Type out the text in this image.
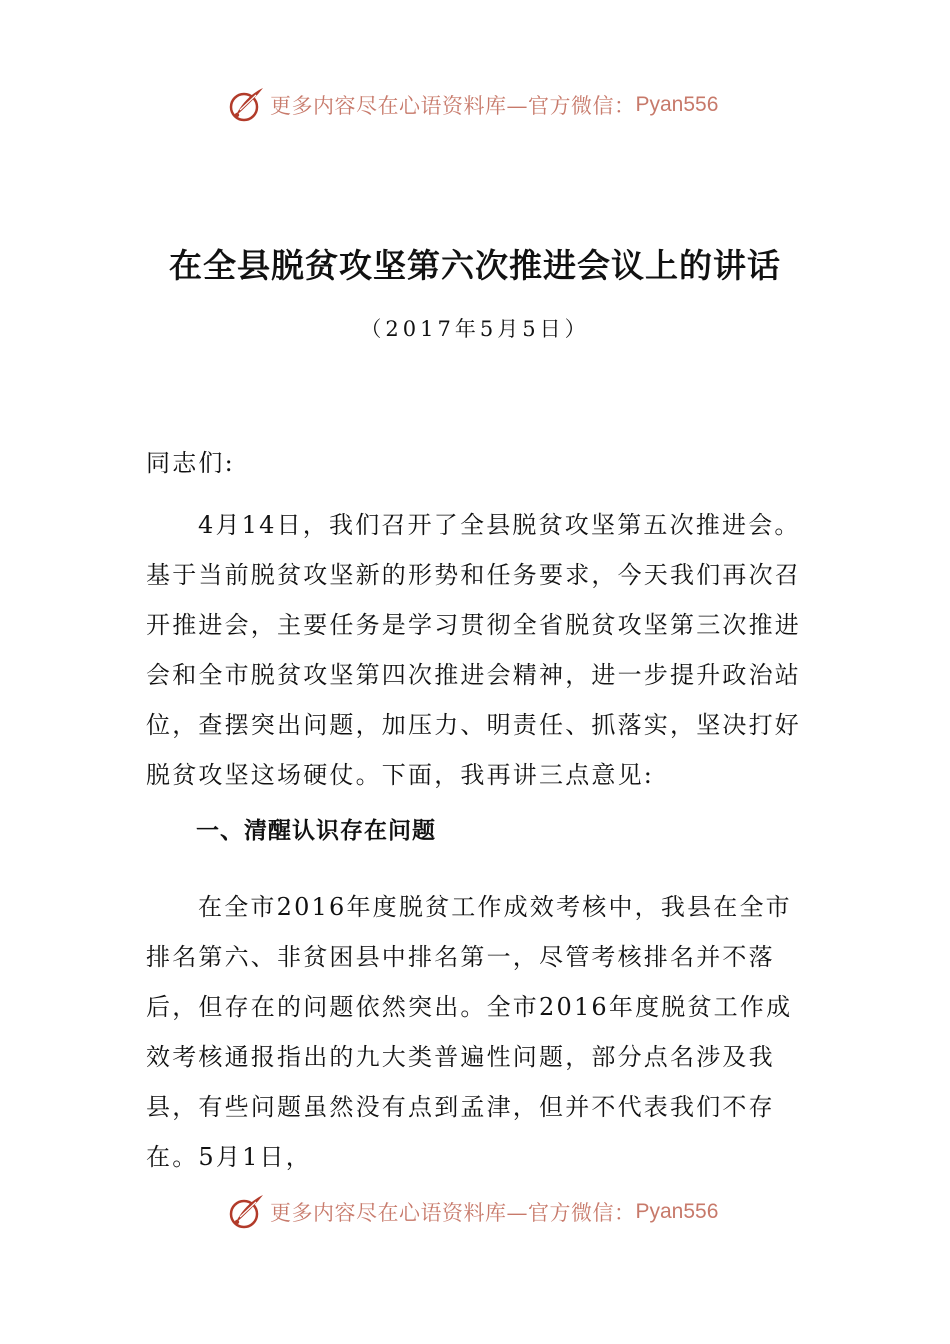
更多内容尽在心语资料库—官方微信： Pyan556
在全县脱贫攻坚第六次推进会议上的讲话
（2017年5月5日）
同志们:
4月14日，我们召开了全县脱贫攻坚第五次推进会。基于当前脱贫攻坚新的形势和任务要求，今天我们再次召开推进会，主要任务是学习贯彻全省脱贫攻坚第三次推进会和全市脱贫攻坚第四次推进会精神，进一步提升政治站位，查摆突出问题，加压力、明责任、抓落实，坚决打好脱贫攻坚这场硬仗。下面，我再讲三点意见:
一、清醒认识存在问题
在全市2016年度脱贫工作成效考核中，我县在全市排名第六、非贫困县中排名第一，尽管考核排名并不落后，但存在的问题依然突出。全市2016年度脱贫工作成效考核通报指出的九大类普遍性问题，部分点名涉及我县，有些问题虽然没有点到孟津，但并不代表我们不存在。5月1日，
更多内容尽在心语资料库—官方微信： Pyan556
